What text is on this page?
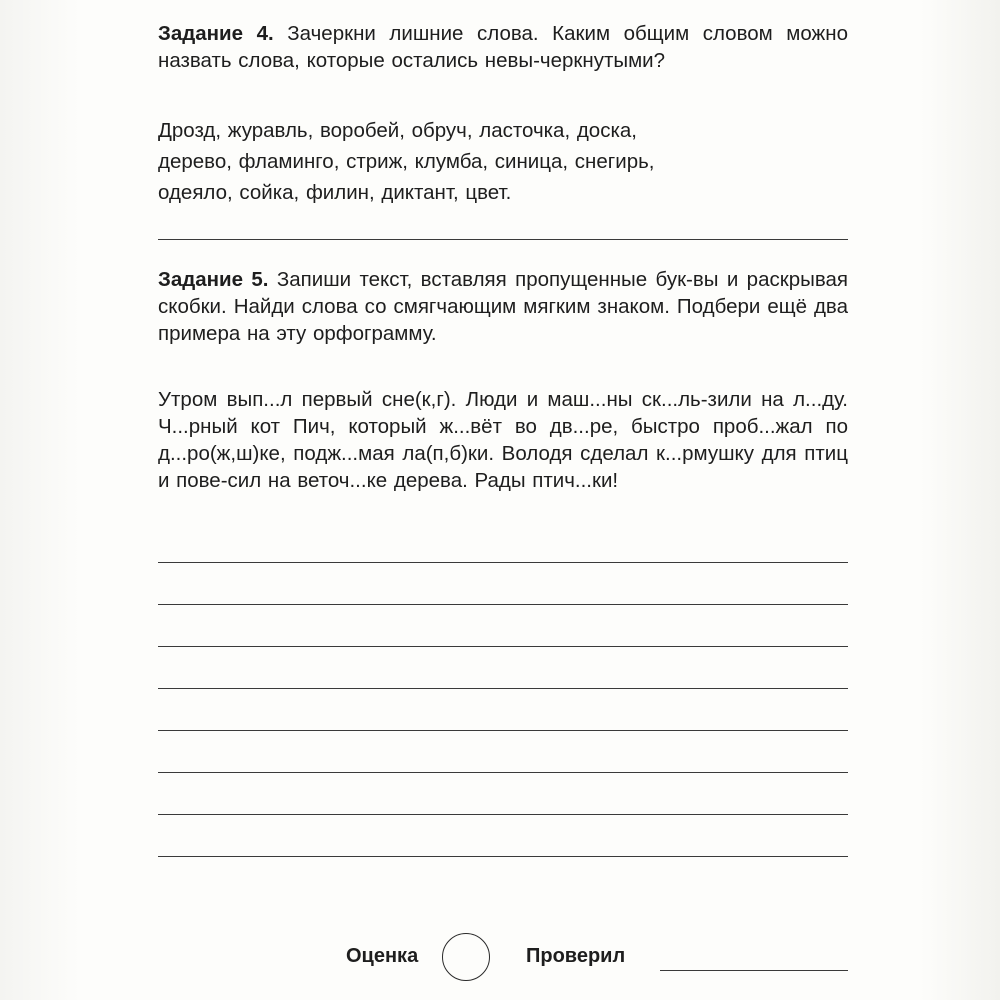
Задание 4. Зачеркни лишние слова. Каким общим словом можно назвать слова, которые остались невы-черкнутыми?

Дрозд, журавль, воробей, обруч, ласточка, доска,
дерево, фламинго, стриж, клумба, синица, снегирь,
одеяло, сойка, филин, диктант, цвет.

Задание 5. Запиши текст, вставляя пропущенные бук-вы и раскрывая скобки. Найди слова со смягчающим мягким знаком. Подбери ещё два примера на эту орфограмму.

Утром вып...л первый сне(к,г). Люди и маш...ны ск...ль-зили на л...ду. Ч...рный кот Пич, который ж...вёт во дв...ре, быстро проб...жал по д...ро(ж,ш)ке, подж...мая ла(п,б)ки. Володя сделал к...рмушку для птиц и пове-сил на веточ...ке дерева. Рады птич...ки!

Оценка	Проверил
